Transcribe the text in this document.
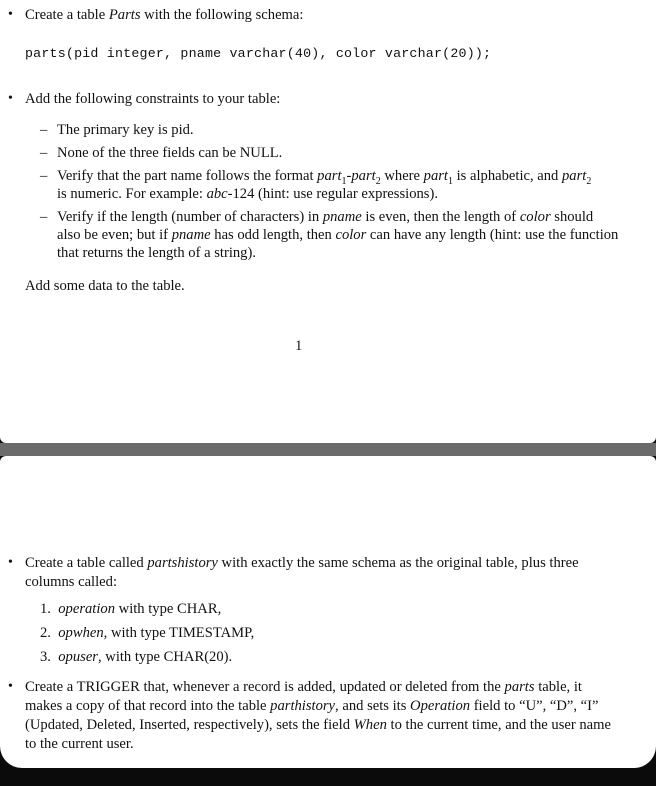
• Create a table Parts with the following schema:
parts(pid integer, pname varchar(40), color varchar(20));
• Add the following constraints to your table:
– The primary key is pid.
– None of the three fields can be NULL.
– Verify that the part name follows the format part$_1$-part$_2$ where part$_1$ is alphabetic, and part$_2$
is numeric. For example: abc-124 (hint: use regular expressions).
– Verify if the length (number of characters) in pname is even, then the length of color should
also be even; but if pname has odd length, then color can have any length (hint: use the function
that returns the length of a string).
Add some data to the table.
1
• Create a table called partshistory with exactly the same schema as the original table, plus three
columns called:
1. operation with type CHAR,
2. opwhen, with type TIMESTAMP,
3. opuser, with type CHAR(20).
• Create a TRIGGER that, whenever a record is added, updated or deleted from the parts table, it
makes a copy of that record into the table parthistory, and sets its Operation field to “U”, “D”, “I”
(Updated, Deleted, Inserted, respectively), sets the field When to the current time, and the user name
to the current user.
